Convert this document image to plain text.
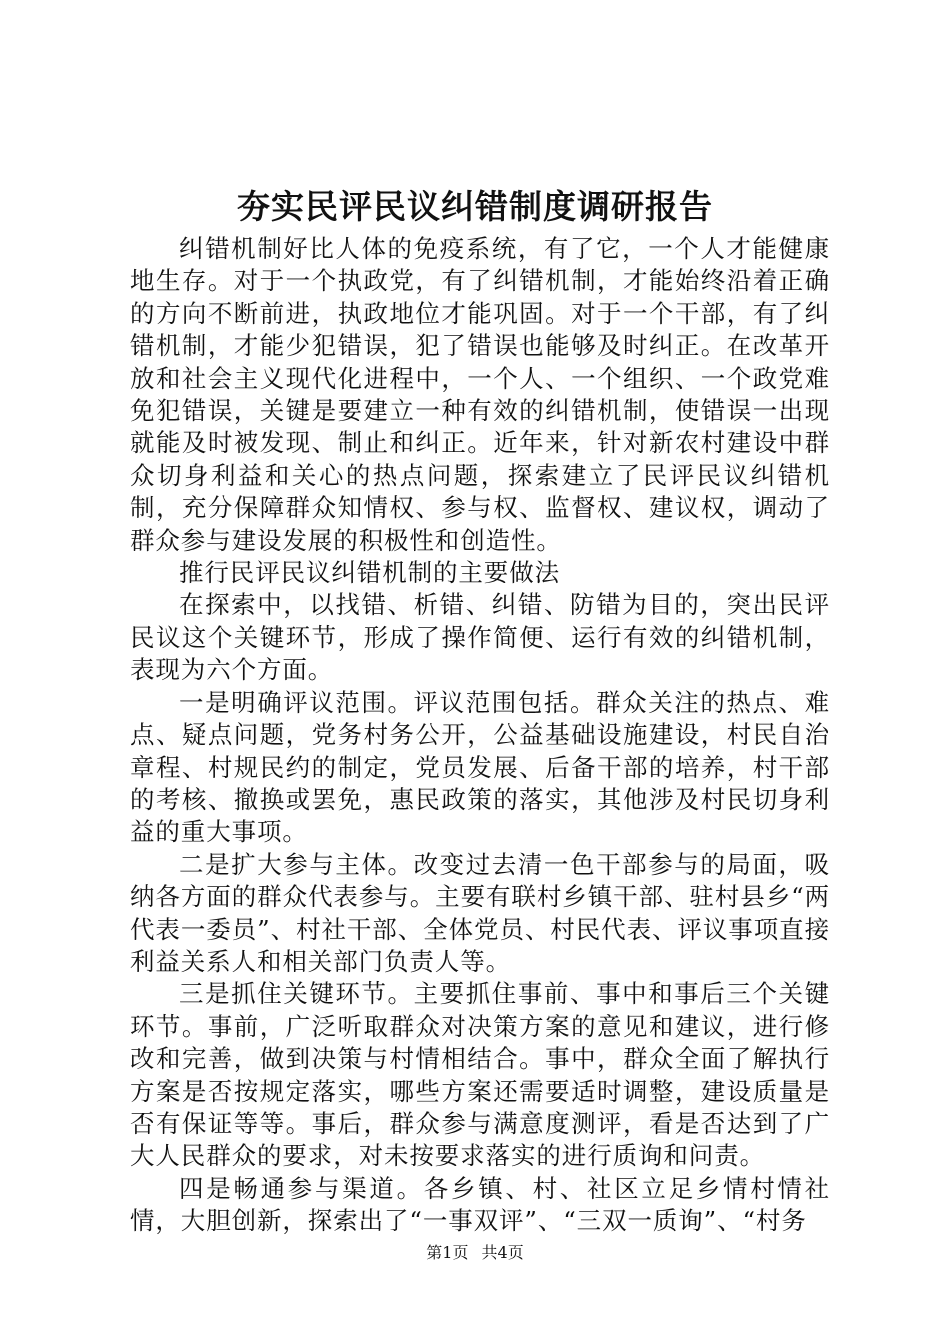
夯实民评民议纠错制度调研报告

纠错机制好比人体的免疫系统，有了它，一个人才能健康地生存。对于一个执政党，有了纠错机制，才能始终沿着正确的方向不断前进，执政地位才能巩固。对于一个干部，有了纠错机制，才能少犯错误，犯了错误也能够及时纠正。在改革开放和社会主义现代化进程中，一个人、一个组织、一个政党难免犯错误，关键是要建立一种有效的纠错机制，使错误一出现就能及时被发现、制止和纠正。近年来，针对新农村建设中群众切身利益和关心的热点问题，探索建立了民评民议纠错机制，充分保障群众知情权、参与权、监督权、建议权，调动了群众参与建设发展的积极性和创造性。

推行民评民议纠错机制的主要做法

在探索中，以找错、析错、纠错、防错为目的，突出民评民议这个关键环节，形成了操作简便、运行有效的纠错机制，表现为六个方面。

一是明确评议范围。评议范围包括。群众关注的热点、难点、疑点问题，党务村务公开，公益基础设施建设，村民自治章程、村规民约的制定，党员发展、后备干部的培养，村干部的考核、撤换或罢免，惠民政策的落实，其他涉及村民切身利益的重大事项。

二是扩大参与主体。改变过去清一色干部参与的局面，吸纳各方面的群众代表参与。主要有联村乡镇干部、驻村县乡“两代表一委员”、村社干部、全体党员、村民代表、评议事项直接利益关系人和相关部门负责人等。

三是抓住关键环节。主要抓住事前、事中和事后三个关键环节。事前，广泛听取群众对决策方案的意见和建议，进行修改和完善，做到决策与村情相结合。事中，群众全面了解执行方案是否按规定落实，哪些方案还需要适时调整，建设质量是否有保证等等。事后，群众参与满意度测评，看是否达到了广大人民群众的要求，对未按要求落实的进行质询和问责。

四是畅通参与渠道。各乡镇、村、社区立足乡情村情社情，大胆创新，探索出了“一事双评”、“三双一质询”、“村务

第1页 共4页
